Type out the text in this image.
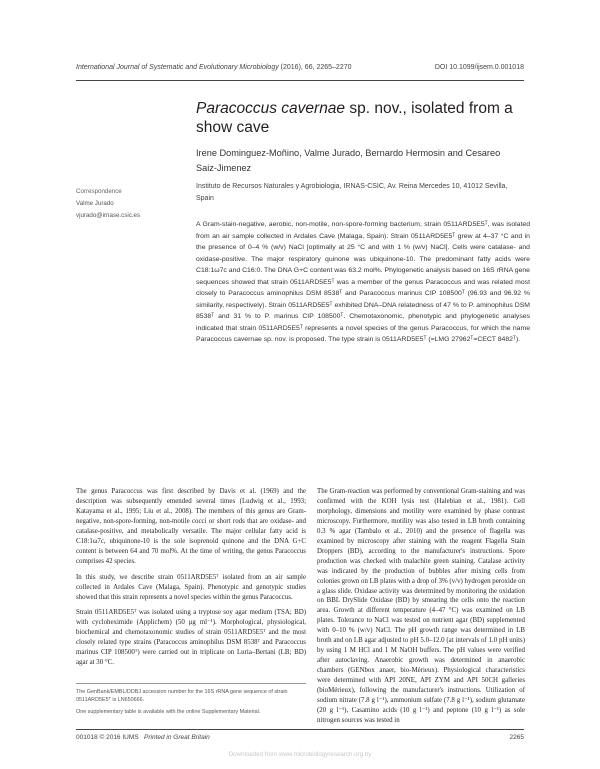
International Journal of Systematic and Evolutionary Microbiology (2016), 66, 2265–2270	DOI 10.1099/ijsem.0.001018
Paracoccus cavernae sp. nov., isolated from a show cave
Irene Dominguez-Moñino, Valme Jurado, Bernardo Hermosin and Cesareo Saiz-Jimenez
Correspondence
Valme Jurado
vjurado@irnase.csic.es
Instituto de Recursos Naturales y Agrobiologia, IRNAS-CSIC, Av. Reina Mercedes 10, 41012 Sevilla, Spain
A Gram-stain-negative, aerobic, non-motile, non-spore-forming bacterium, strain 0511ARD5E5ᵀ, was isolated from an air sample collected in Ardales Cave (Malaga, Spain). Strain 0511ARD5E5ᵀ grew at 4–37 °C and in the presence of 0–4 % (w/v) NaCl [optimally at 25 °C and with 1 % (w/v) NaCl]. Cells were catalase- and oxidase-positive. The major respiratory quinone was ubiquinone-10. The predominant fatty acids were C18:1ω7c and C16:0. The DNA G+C content was 63.2 mol%. Phylogenetic analysis based on 16S rRNA gene sequences showed that strain 0511ARD5E5ᵀ was a member of the genus Paracoccus and was related most closely to Paracoccus aminophilus DSM 8538ᵀ and Paracoccus marinus CIP 108500ᵀ (96.93 and 96.92 % similarity, respectively). Strain 0511ARD5E5ᵀ exhibited DNA–DNA relatedness of 47 % to P. aminophilus DSM 8538ᵀ and 31 % to P. marinus CIP 108500ᵀ. Chemotaxonomic, phenotypic and phylogenetic analyses indicated that strain 0511ARD5E5ᵀ represents a novel species of the genus Paracoccus, for which the name Paracoccus cavernae sp. nov. is proposed. The type strain is 0511ARD5E5ᵀ (=LMG 27962ᵀ=CECT 8482ᵀ).

The genus Paracoccus was first described by Davis et al. (1969) and the description was subsequently emended several times (Ludwig et al., 1993; Katayama et al., 1995; Liu et al., 2008). The members of this genus are Gram-negative, non-spore-forming, non-motile cocci or short rods that are oxidase- and catalase-positive, and metabolically versatile. The major cellular fatty acid is C18:1ω7c, ubiquinone-10 is the sole isoprenoid quinone and the DNA G+C content is between 64 and 70 mol%. At the time of writing, the genus Paracoccus comprises 42 species.

In this study, we describe strain 0511ARD5E5ᵀ isolated from an air sample collected in Ardales Cave (Malaga, Spain). Phenotypic and genotypic studies showed that this strain represents a novel species within the genus Paracoccus.

Strain 0511ARD5E5ᵀ was isolated using a tryptose soy agar medium (TSA; BD) with cycloheximide (Applichem) (50 μg ml⁻¹). Morphological, physiological, biochemical and chemotaxonomic studies of strain 0511ARD5E5ᵀ and the most closely related type strains (Paracoccus aminophilus DSM 8538ᵀ and Paracoccus marinus CIP 108500ᵀ) were carried out in triplicate on Luria–Bertani (LB; BD) agar at 30 °C.

The Gram-reaction was performed by conventional Gram-staining and was confirmed with the KOH lysis test (Halebian et al., 1981). Cell morphology, dimensions and motility were examined by phase contrast microscopy. Furthermore, motility was also tested in LB broth containing 0.3 % agar (Tambalo et al., 2010) and the presence of flagella was examined by microscopy after staining with the reagent Flagella Stain Droppers (BD), according to the manufacturer's instructions. Spore production was checked with malachite green staining. Catalase activity was indicated by the production of bubbles after mixing cells from colonies grown on LB plates with a drop of 3% (v/v) hydrogen peroxide on a glass slide. Oxidase activity was determined by monitoring the oxidation on BBL DrySlide Oxidase (BD) by smearing the cells onto the reaction area. Growth at different temperature (4–47 °C) was examined on LB plates. Tolerance to NaCl was tested on nutrient agar (BD) supplemented with 0–10 % (w/v) NaCl. The pH growth range was determined in LB broth and on LB agar adjusted to pH 5.0–12.0 (at intervals of 1.0 pH units) by using 1 M HCl and 1 M NaOH buffers. The pH values were verified after autoclaving. Anaerobic growth was determined in anaerobic chambers (GENbox anaer, bio-Mérieux). Physiological characteristics were determined with API 20NE, API ZYM and API 50CH galleries (bioMérieux), following the manufacturer's instructions. Utilization of sodium nitrate (7.8 g l⁻¹), ammonium sulfate (7.8 g l⁻¹), sodium glutamate (20 g l⁻¹), Casamino acids (10 g l⁻¹) and peptone (10 g l⁻¹) as sole nitrogen sources was tested in

The GenBank/EMBL/DDBJ accession number for the 16S rRNA gene sequence of strain 0511ARD5E5ᵀ is LN650666.

One supplementary table is available with the online Supplementary Material.

001018 © 2016 IUMS Printed in Great Britain	2265
Downloaded from www.microbiologyresearch.org by
